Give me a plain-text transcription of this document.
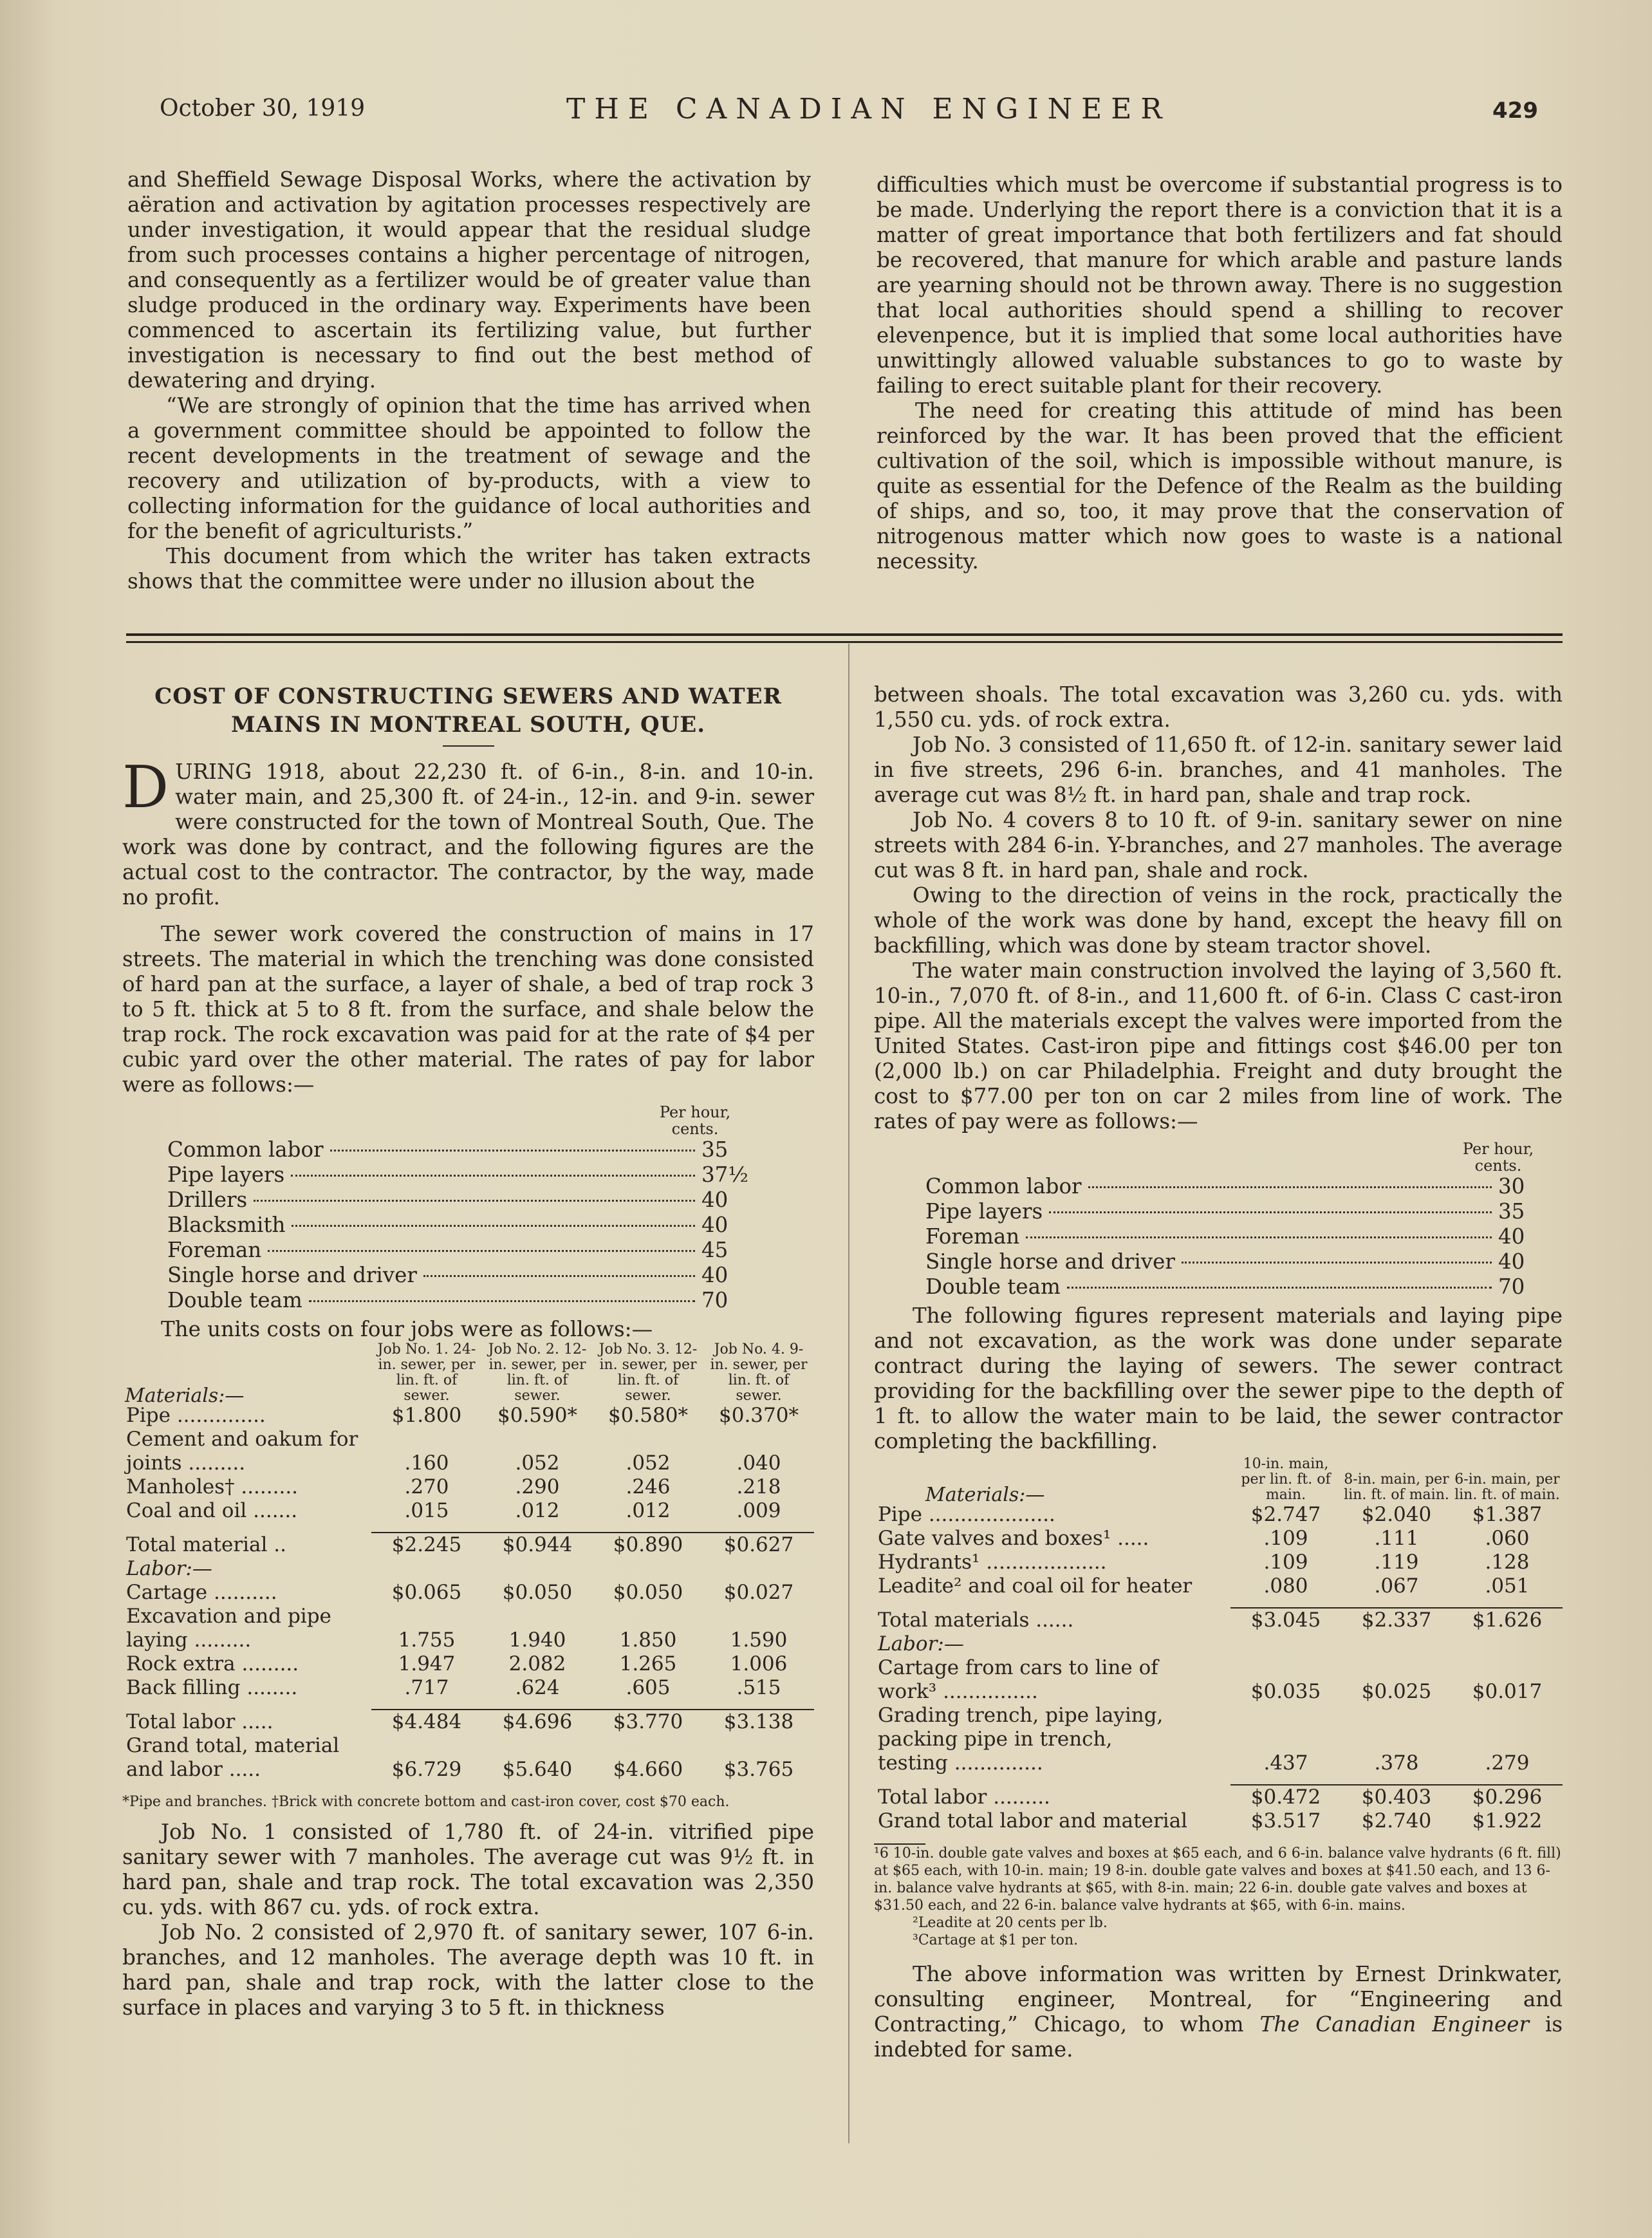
October 30, 1919	THE CANADIAN ENGINEER	429

and Sheffield Sewage Disposal Works, where the activation by aëration and activation by agitation processes respectively are under investigation, it would appear that the residual sludge from such processes contains a higher percentage of nitrogen, and consequently as a fertilizer would be of greater value than sludge produced in the ordinary way. Experiments have been commenced to ascertain its fertilizing value, but further investigation is necessary to find out the best method of dewatering and drying.

“We are strongly of opinion that the time has arrived when a government committee should be appointed to follow the recent developments in the treatment of sewage and the recovery and utilization of by-products, with a view to collecting information for the guidance of local authorities and for the benefit of agriculturists.”

This document from which the writer has taken extracts shows that the committee were under no illusion about the

difficulties which must be overcome if substantial progress is to be made. Underlying the report there is a conviction that it is a matter of great importance that both fertilizers and fat should be recovered, that manure for which arable and pasture lands are yearning should not be thrown away. There is no suggestion that local authorities should spend a shilling to recover elevenpence, but it is implied that some local authorities have unwittingly allowed valuable substances to go to waste by failing to erect suitable plant for their recovery.

The need for creating this attitude of mind has been reinforced by the war. It has been proved that the efficient cultivation of the soil, which is impossible without manure, is quite as essential for the Defence of the Realm as the building of ships, and so, too, it may prove that the conservation of nitrogenous matter which now goes to waste is a national necessity.

COST OF CONSTRUCTING SEWERS AND WATER MAINS IN MONTREAL SOUTH, QUE.

DURING 1918, about 22,230 ft. of 6-in., 8-in. and 10-in. water main, and 25,300 ft. of 24-in., 12-in. and 9-in. sewer were constructed for the town of Montreal South, Que. The work was done by contract, and the following figures are the actual cost to the contractor. The contractor, by the way, made no profit.

The sewer work covered the construction of mains in 17 streets. The material in which the trenching was done consisted of hard pan at the surface, a layer of shale, a bed of trap rock 3 to 5 ft. thick at 5 to 8 ft. from the surface, and shale below the trap rock. The rock excavation was paid for at the rate of $4 per cubic yard over the other material. The rates of pay for labor were as follows:—

Per hour, cents.
Common labor	35
Pipe layers	37½
Drillers	40
Blacksmith	40
Foreman	45
Single horse and driver	40
Double team	70

The units costs on four jobs were as follows:—

Materials:—	Job No. 1. 24-in. sewer, per lin. ft. of sewer.	Job No. 2. 12-in. sewer, per lin. ft. of sewer.	Job No. 3. 12-in. sewer, per lin. ft. of sewer.	Job No. 4. 9-in. sewer, per lin. ft. of sewer.
Pipe ..............	$1.800	$0.590*	$0.580*	$0.370*
Cement and oakum for				
joints .........	.160	.052	.052	.040
Manholes† .........	.270	.290	.246	.218
Coal and oil .......	.015	.012	.012	.009

Total material ..	$2.245	$0.944	$0.890	$0.627
Labor:—				
Cartage ..........	$0.065	$0.050	$0.050	$0.027
Excavation and pipe				
laying .........	1.755	1.940	1.850	1.590
Rock extra .........	1.947	2.082	1.265	1.006
Back filling ........	.717	.624	.605	.515

Total labor .....	$4.484	$4.696	$3.770	$3.138
Grand total, material				
and labor .....	$6.729	$5.640	$4.660	$3.765

*Pipe and branches. †Brick with concrete bottom and cast-iron cover, cost $70 each.

Job No. 1 consisted of 1,780 ft. of 24-in. vitrified pipe sanitary sewer with 7 manholes. The average cut was 9½ ft. in hard pan, shale and trap rock. The total excavation was 2,350 cu. yds. with 867 cu. yds. of rock extra.

Job No. 2 consisted of 2,970 ft. of sanitary sewer, 107 6-in. branches, and 12 manholes. The average depth was 10 ft. in hard pan, shale and trap rock, with the latter close to the surface in places and varying 3 to 5 ft. in thickness

between shoals. The total excavation was 3,260 cu. yds. with 1,550 cu. yds. of rock extra.

Job No. 3 consisted of 11,650 ft. of 12-in. sanitary sewer laid in five streets, 296 6-in. branches, and 41 manholes. The average cut was 8½ ft. in hard pan, shale and trap rock.

Job No. 4 covers 8 to 10 ft. of 9-in. sanitary sewer on nine streets with 284 6-in. Y-branches, and 27 manholes. The average cut was 8 ft. in hard pan, shale and rock.

Owing to the direction of veins in the rock, practically the whole of the work was done by hand, except the heavy fill on backfilling, which was done by steam tractor shovel.

The water main construction involved the laying of 3,560 ft. 10-in., 7,070 ft. of 8-in., and 11,600 ft. of 6-in. Class C cast-iron pipe. All the materials except the valves were imported from the United States. Cast-iron pipe and fittings cost $46.00 per ton (2,000 lb.) on car Philadelphia. Freight and duty brought the cost to $77.00 per ton on car 2 miles from line of work. The rates of pay were as follows:—

Per hour, cents.
Common labor	30
Pipe layers	35
Foreman	40
Single horse and driver	40
Double team	70

The following figures represent materials and laying pipe and not excavation, as the work was done under separate contract during the laying of sewers. The sewer contract providing for the backfilling over the sewer pipe to the depth of 1 ft. to allow the water main to be laid, the sewer contractor completing the backfilling.

Materials:—	10-in. main, per lin. ft. of main.	8-in. main, per lin. ft. of main.	6-in. main, per lin. ft. of main.
Pipe ....................	$2.747	$2.040	$1.387
Gate valves and boxes¹ .....	.109	.111	.060
Hydrants¹ ...................	.109	.119	.128
Leadite² and coal oil for heater	.080	.067	.051

Total materials ......	$3.045	$2.337	$1.626
Labor:—			
Cartage from cars to line of			
work³ ...............	$0.035	$0.025	$0.017
Grading trench, pipe laying,			
packing pipe in trench,			
testing ..............	.437	.378	.279

Total labor .........	$0.472	$0.403	$0.296
Grand total labor and material	$3.517	$2.740	$1.922

¹6 10-in. double gate valves and boxes at $65 each, and 6 6-in. balance valve hydrants (6 ft. fill) at $65 each, with 10-in. main; 19 8-in. double gate valves and boxes at $41.50 each, and 13 6-in. balance valve hydrants at $65, with 8-in. main; 22 6-in. double gate valves and boxes at $31.50 each, and 22 6-in. balance valve hydrants at $65, with 6-in. mains.

²Leadite at 20 cents per lb.

³Cartage at $1 per ton.

The above information was written by Ernest Drinkwater, consulting engineer, Montreal, for “Engineering and Contracting,” Chicago, to whom The Canadian Engineer is indebted for same.
